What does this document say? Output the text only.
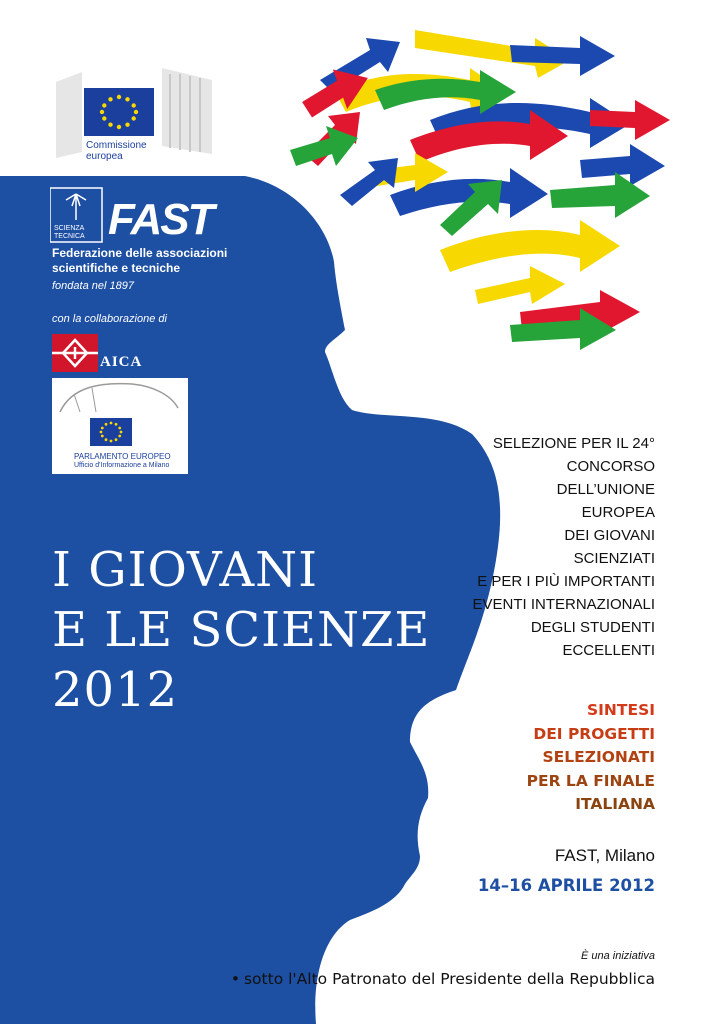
Commissione
europea
SCIENZA
TECNICA FAST
Federazione delle associazioni
scientifiche e tecniche
fondata nel 1897
con la collaborazione di
AICA
PARLAMENTO EUROPEO
Ufficio d'Informazione a Milano
I GIOVANI
E LE SCIENZE
2012
SELEZIONE PER IL 24°
CONCORSO
DELL’UNIONE
EUROPEA
DEI GIOVANI
SCIENZIATI
E PER I PIÙ IMPORTANTI
EVENTI INTERNAZIONALI
DEGLI STUDENTI
ECCELLENTI
SINTESI
DEI PROGETTI
SELEZIONATI
PER LA FINALE
ITALIANA
FAST, Milano
14–16 APRILE 2012
È una iniziativa
• sotto l'Alto Patronato del Presidente della Repubblica
